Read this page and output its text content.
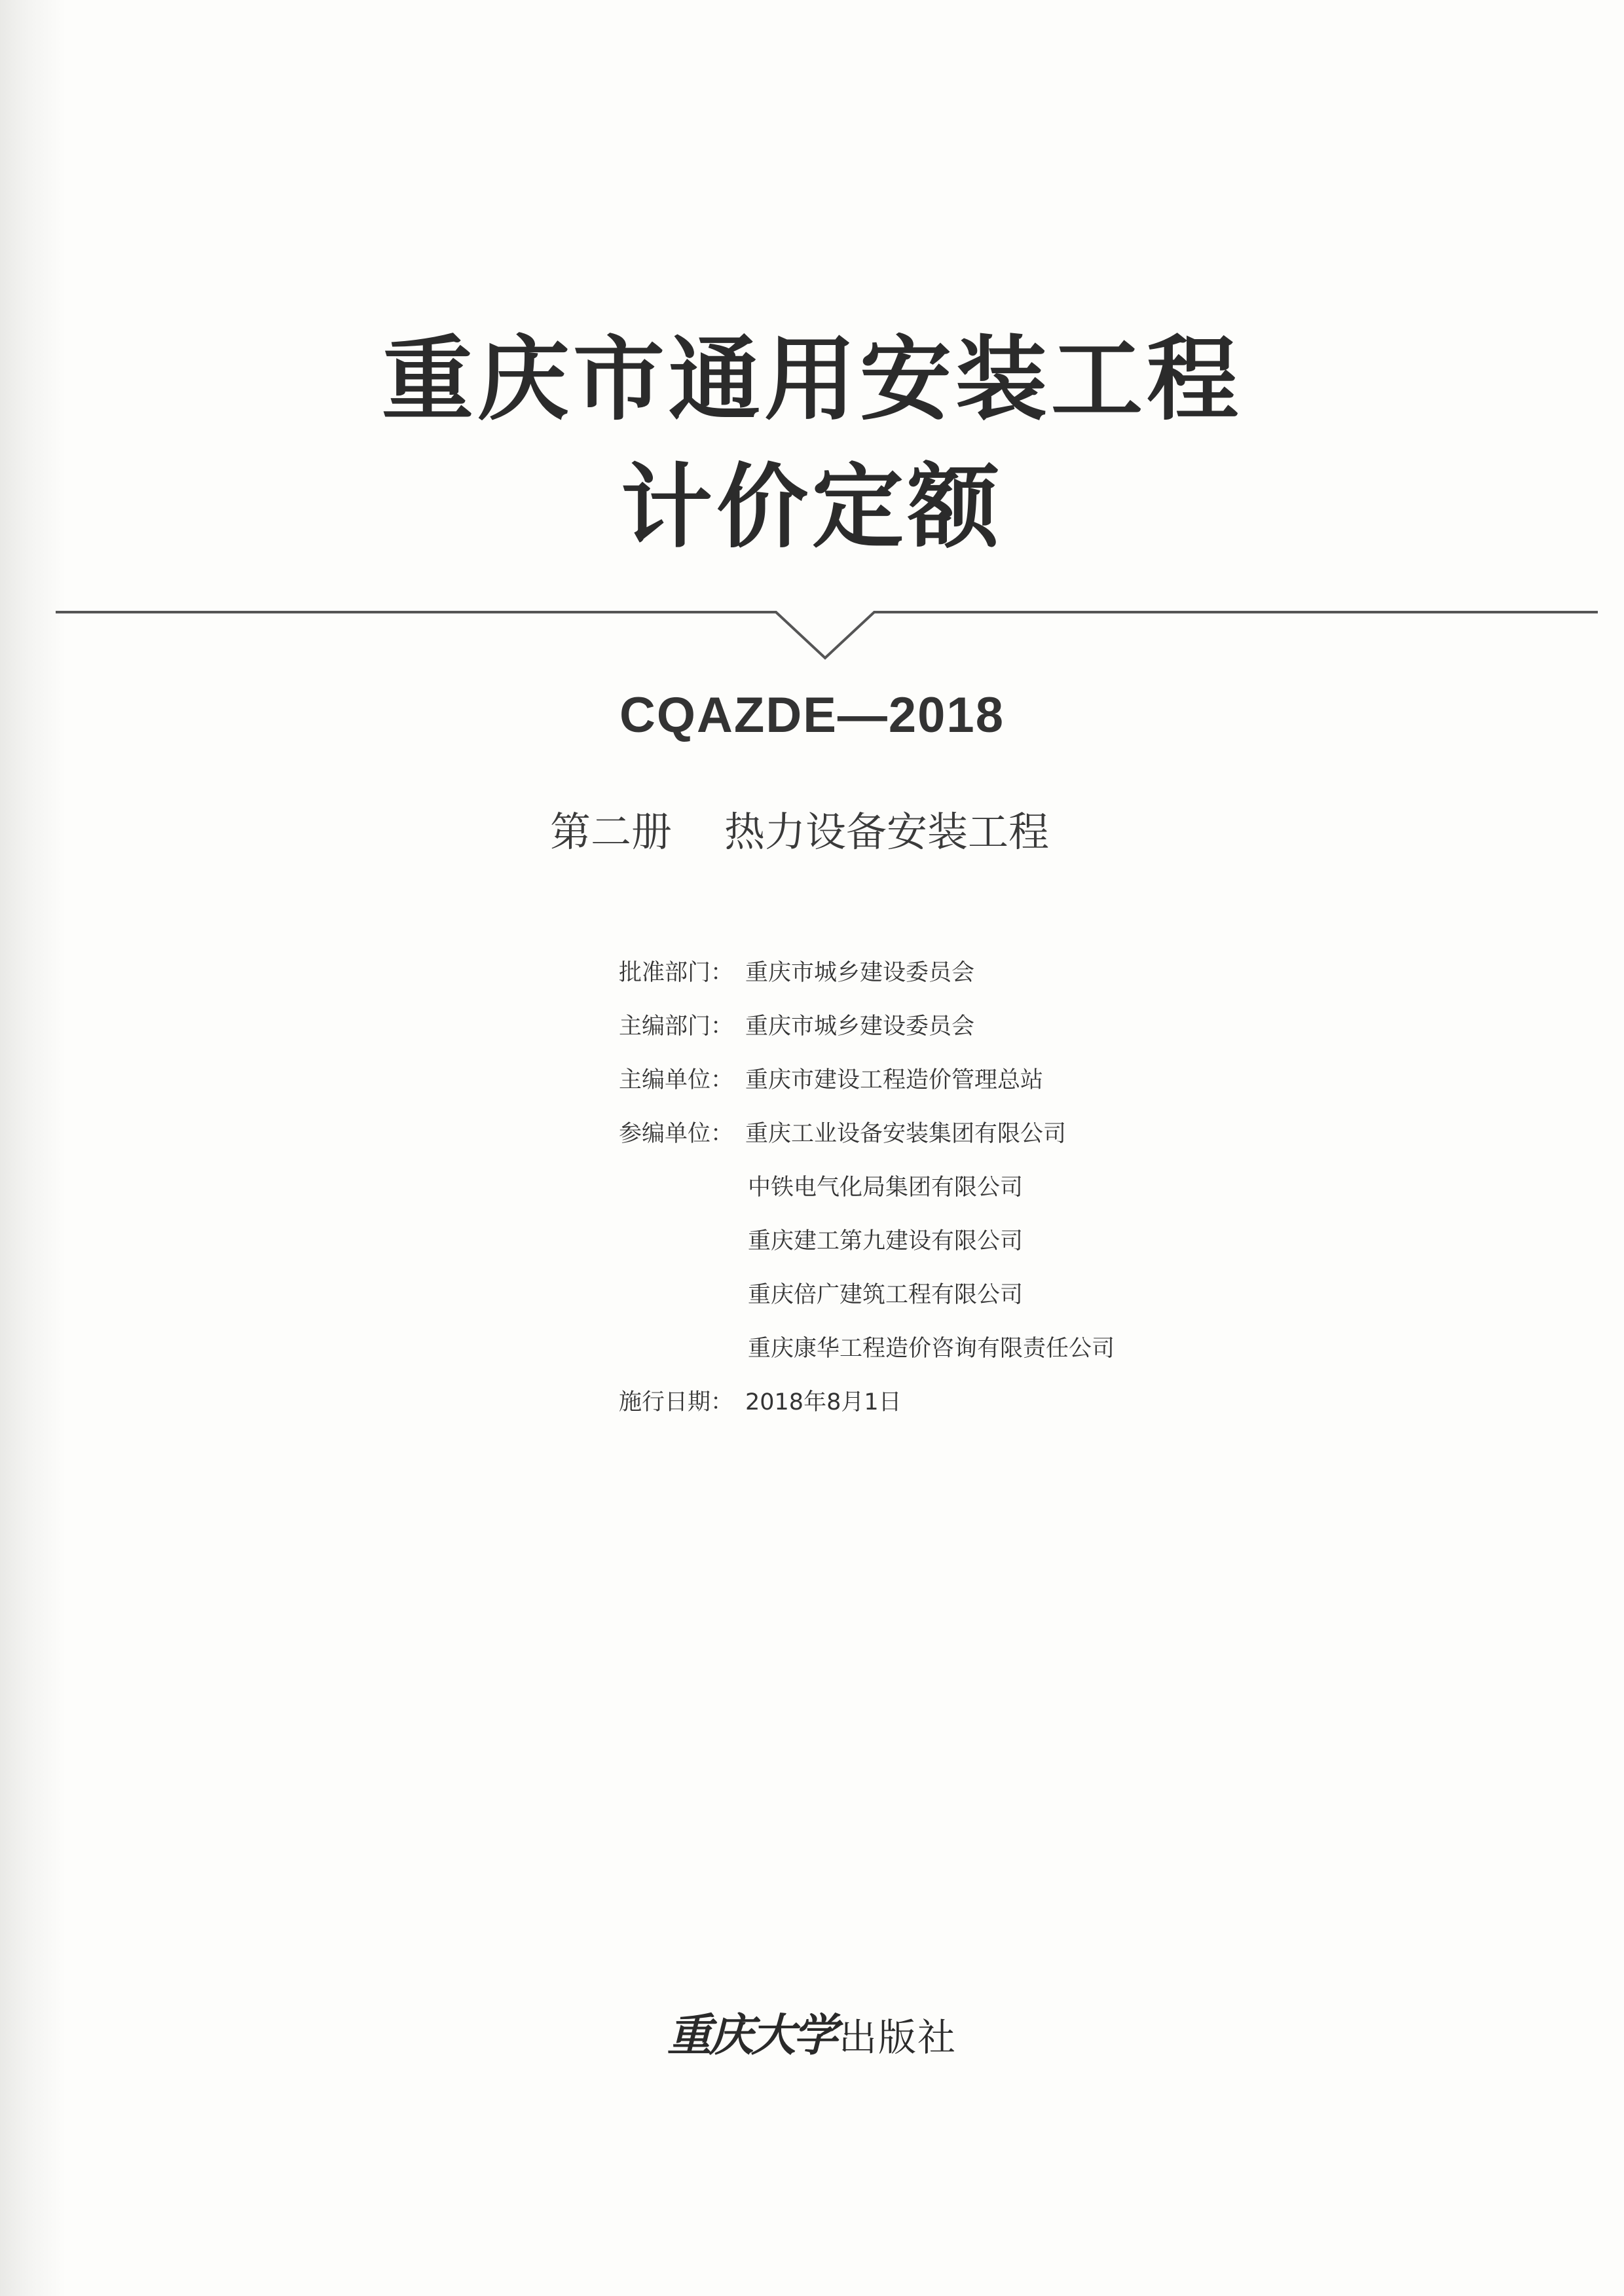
重庆市通用安装工程
计价定额
CQAZDE—2018
第二册 热力设备安装工程
批准部门： 重庆市城乡建设委员会
主编部门： 重庆市城乡建设委员会
主编单位： 重庆市建设工程造价管理总站
参编单位： 重庆工业设备安装集团有限公司
中铁电气化局集团有限公司
重庆建工第九建设有限公司
重庆倍广建筑工程有限公司
重庆康华工程造价咨询有限责任公司
施行日期： 2018年8月1日
重庆大学 出版社
